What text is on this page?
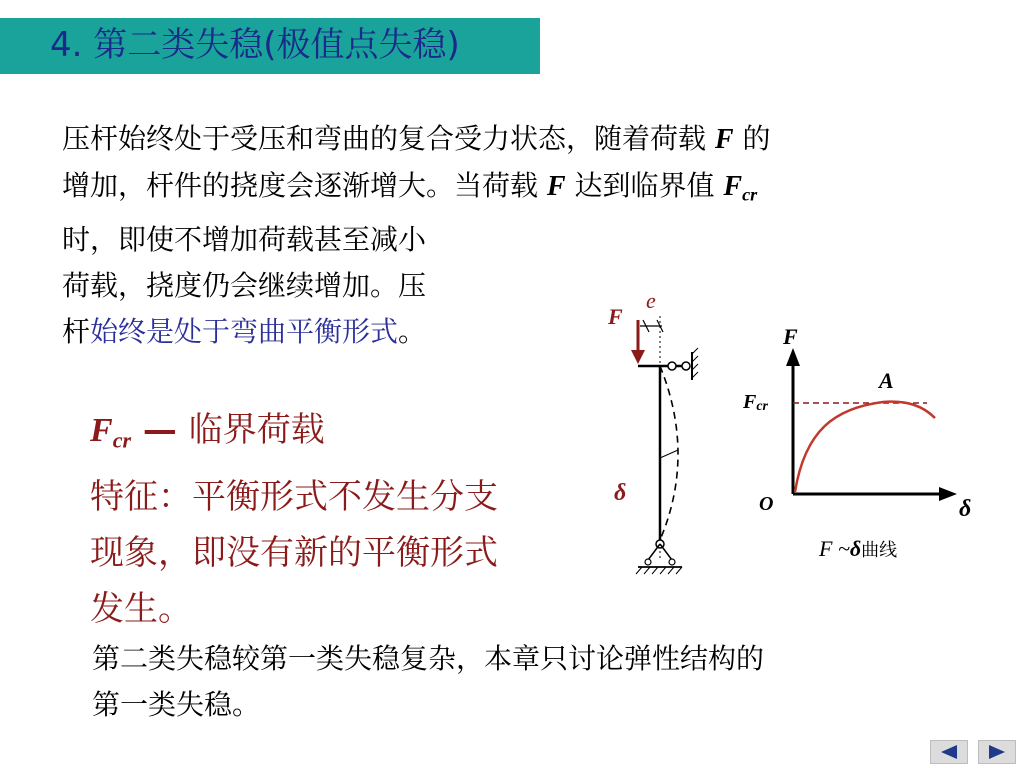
4. 第二类失稳(极值点失稳)
压杆始终处于受压和弯曲的复合受力状态，随着荷载 F 的
增加，杆件的挠度会逐渐增大。当荷载 F 达到临界值 $F_{cr}$
时，即使不增加荷载甚至减小
荷载，挠度仍会继续增加。压
杆始终是处于弯曲平衡形式。
$F_{cr}$ — 临界荷载
特征：平衡形式不发生分支
现象，即没有新的平衡形式
发生。
F
e
δ
F
δ
O
Fcr
A
F ~δ曲线
第二类失稳较第一类失稳复杂，本章只讨论弹性结构的
第一类失稳。
